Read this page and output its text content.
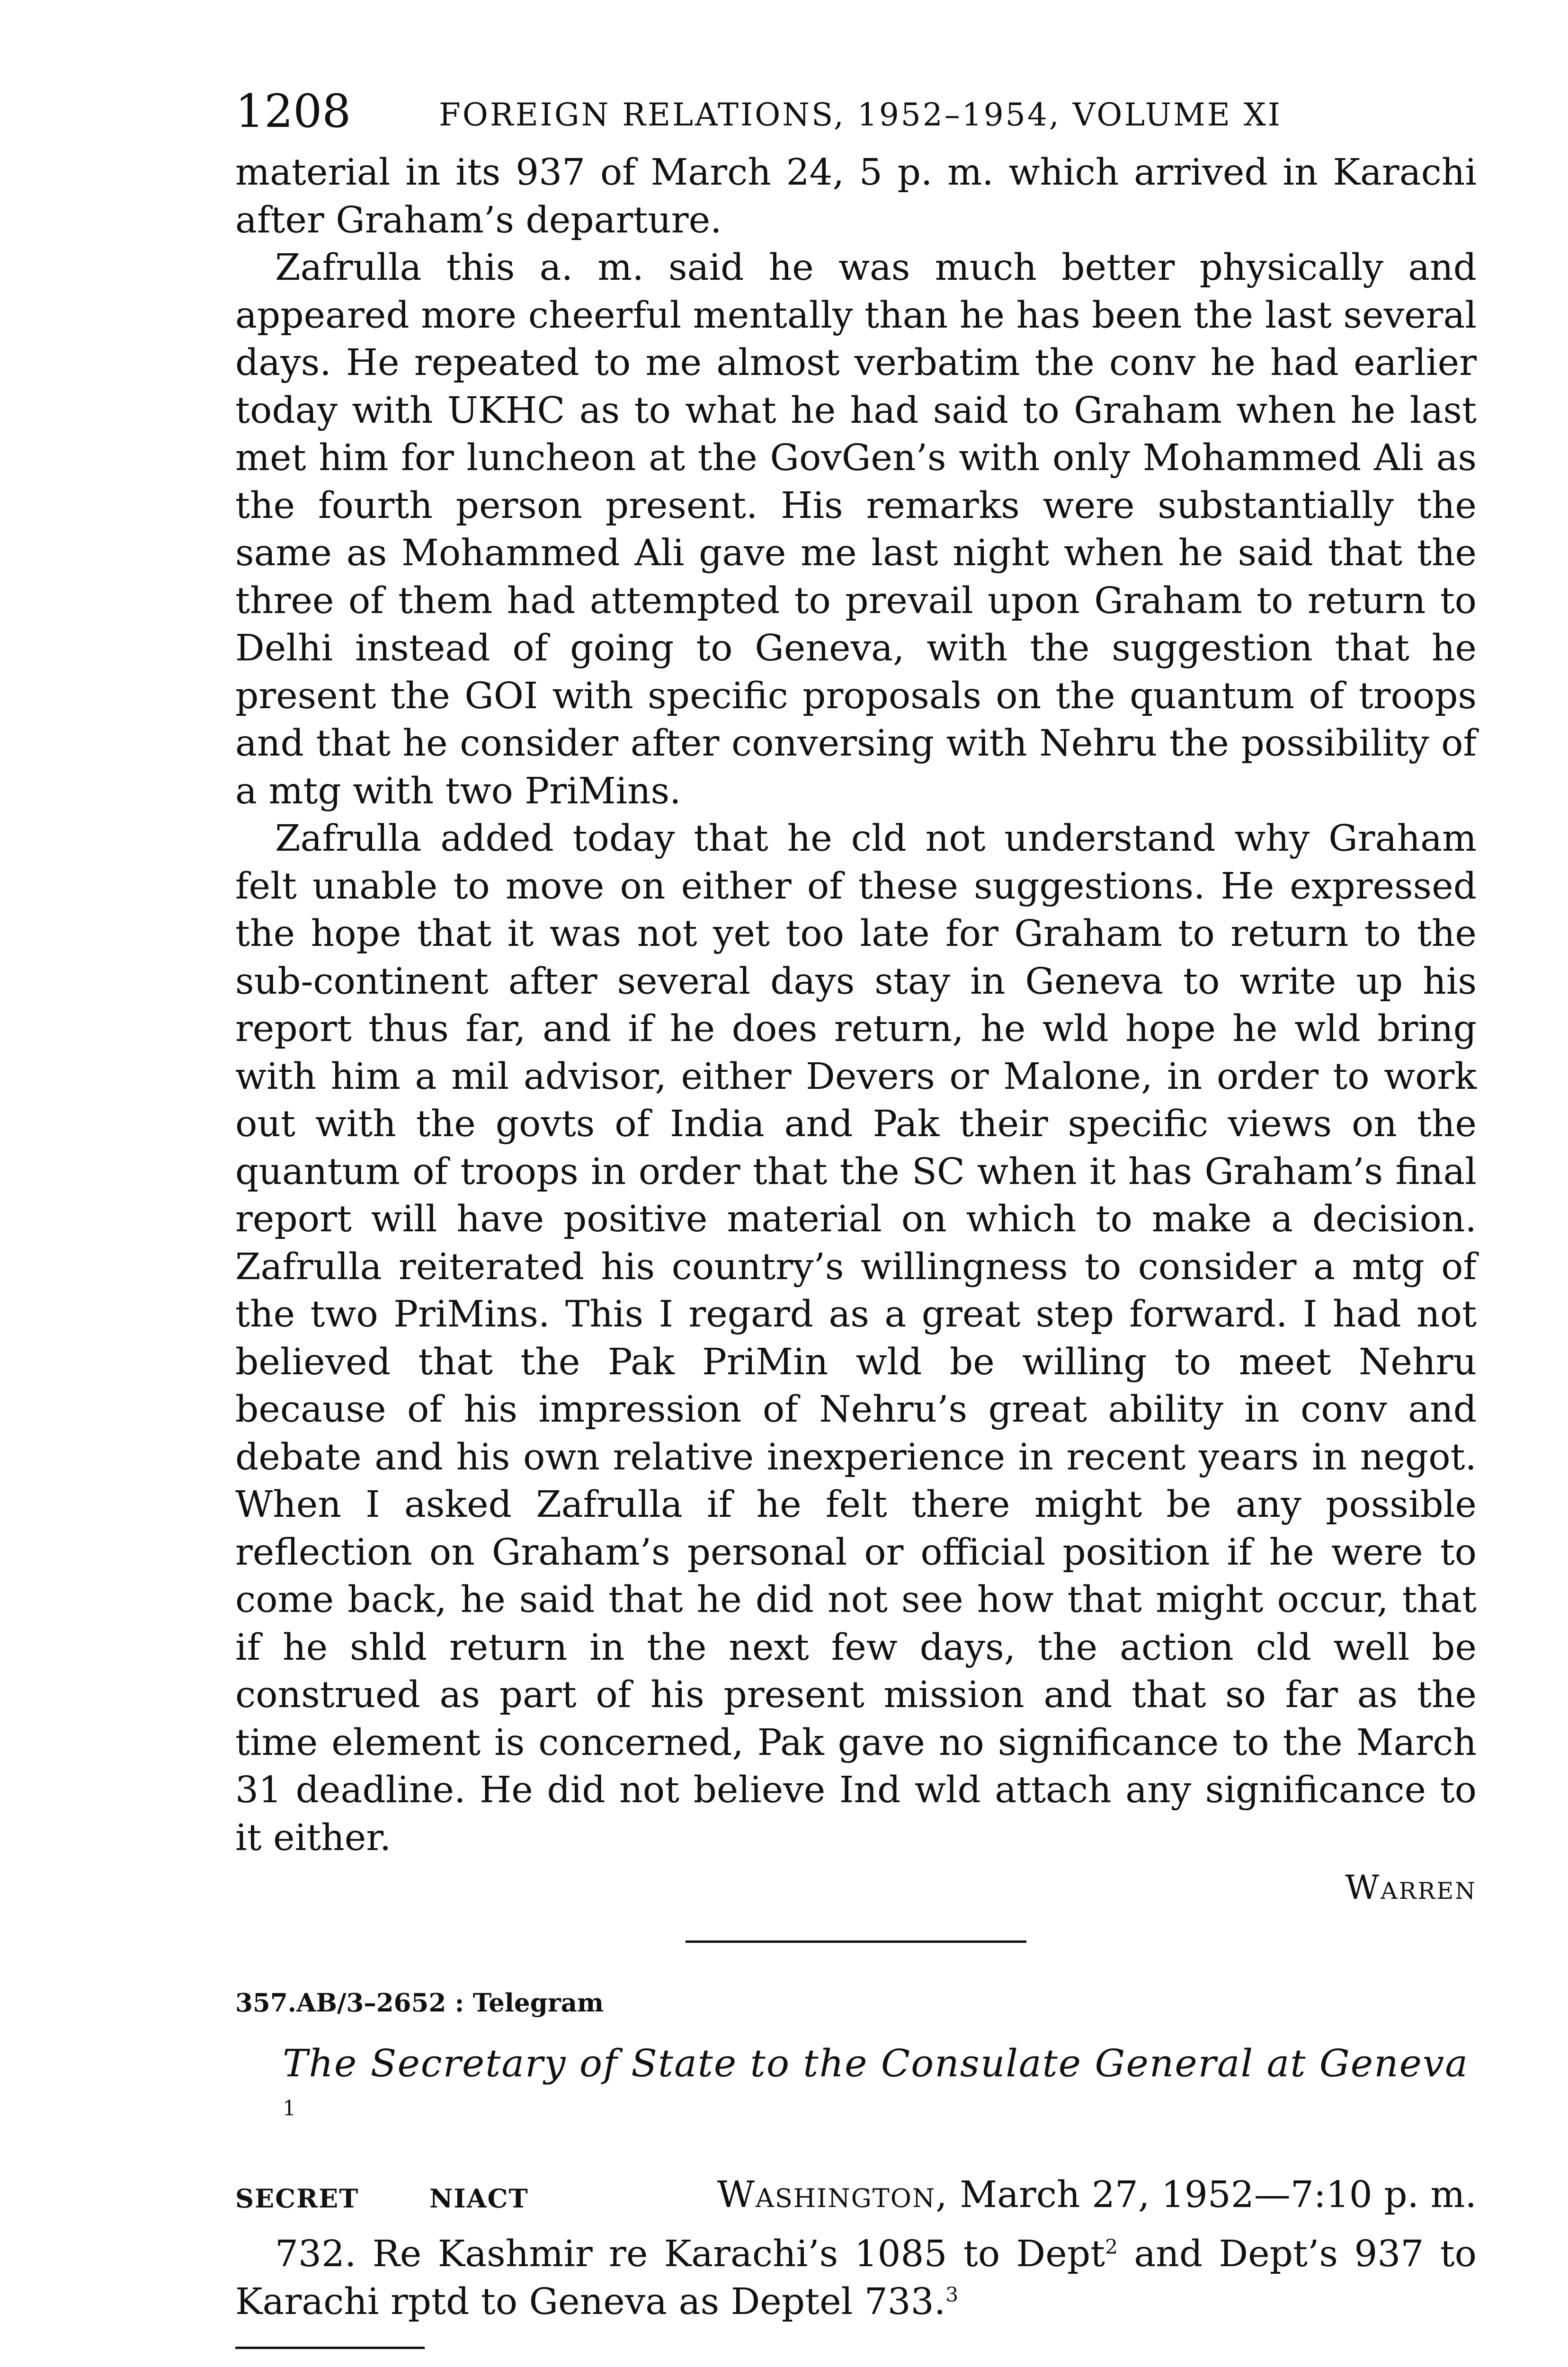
1208	FOREIGN RELATIONS, 1952–1954, VOLUME XI

material in its 937 of March 24, 5 p. m. which arrived in Karachi after Graham’s departure.

Zafrulla this a. m. said he was much better physically and appeared more cheerful mentally than he has been the last several days. He repeated to me almost verbatim the conv he had earlier today with UKHC as to what he had said to Graham when he last met him for luncheon at the GovGen’s with only Mohammed Ali as the fourth person present. His remarks were substantially the same as Mohammed Ali gave me last night when he said that the three of them had attempted to prevail upon Graham to return to Delhi instead of going to Geneva, with the suggestion that he present the GOI with specific proposals on the quantum of troops and that he consider after conversing with Nehru the possibility of a mtg with two PriMins.

Zafrulla added today that he cld not understand why Graham felt unable to move on either of these suggestions. He expressed the hope that it was not yet too late for Graham to return to the sub-continent after several days stay in Geneva to write up his report thus far, and if he does return, he wld hope he wld bring with him a mil advisor, either Devers or Malone, in order to work out with the govts of India and Pak their specific views on the quantum of troops in order that the SC when it has Graham’s final report will have positive material on which to make a decision. Zafrulla reiterated his country’s willingness to consider a mtg of the two PriMins. This I regard as a great step forward. I had not believed that the Pak PriMin wld be willing to meet Nehru because of his impression of Nehru’s great ability in conv and debate and his own relative inexperience in recent years in negot. When I asked Zafrulla if he felt there might be any possible reflection on Graham’s personal or official position if he were to come back, he said that he did not see how that might occur, that if he shld return in the next few days, the action cld well be construed as part of his present mission and that so far as the time element is concerned, Pak gave no significance to the March 31 deadline. He did not believe Ind wld attach any significance to it either.

Warren
357.AB/3–2652 : Telegram
The Secretary of State to the Consulate General at Geneva $^1$
SECRET	NIACT	Washington, March 27, 1952—7:10 p. m.

732. Re Kashmir re Karachi’s 1085 to Dept$^2$ and Dept’s 937 to Karachi rptd to Geneva as Deptel 733.$^3$
